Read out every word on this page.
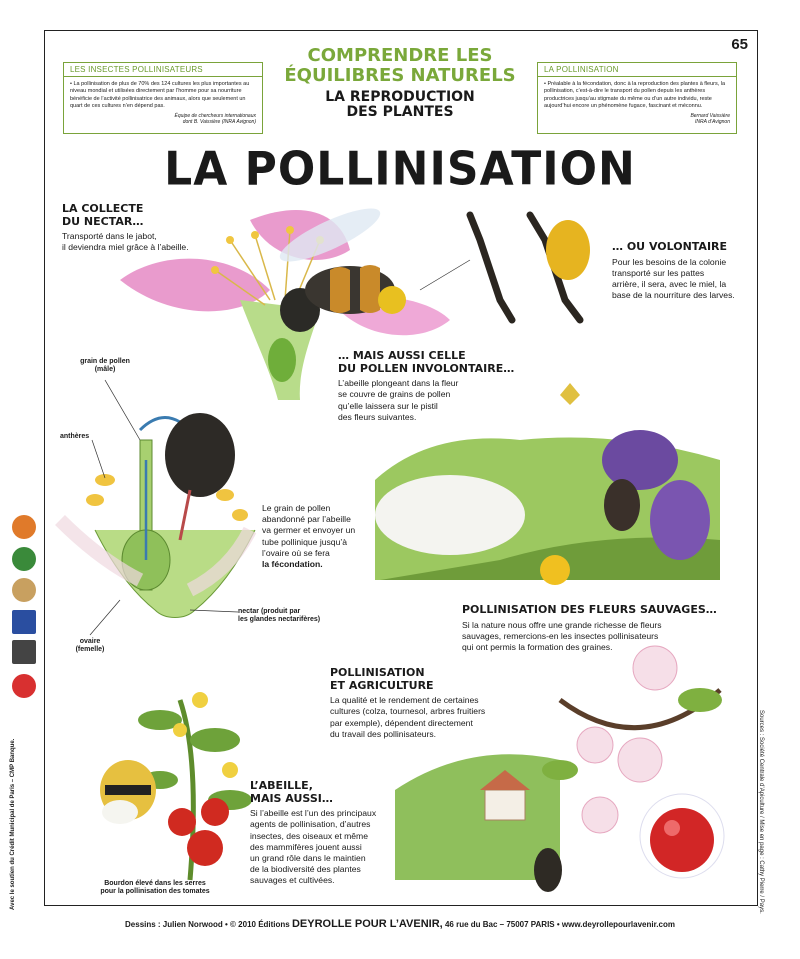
65
LES INSECTES POLLINISATEURS
• La pollinisation de plus de 70% des 124 cultures les plus importantes au niveau mondial et utilisées directement par l’homme pour sa nourriture bénéficie de l’activité pollinisatrice des animaux, alors que seulement un quart de ces cultures n’en dépend pas.
Équipe de chercheurs internationaux
dont B. Vaissière (INRA Avignon)
LA POLLINISATION
• Préalable à la fécondation, donc à la reproduction des plantes à fleurs, la pollinisation, c’est-à-dire le transport du pollen depuis les anthères productrices jusqu’au stigmate du même ou d’un autre individu, reste aujourd’hui encore un phénomène fugace, fascinant et méconnu.
Bernard Vaissière
INRA d’Avignon
COMPRENDRE LES
ÉQUILIBRES NATURELS
LA REPRODUCTION
DES PLANTES
LA POLLINISATION
LA COLLECTE
DU NECTAR…
Transporté dans le jabot,
il deviendra miel grâce à l’abeille.	… OU VOLONTAIRE
Pour les besoins de la colonie
transporté sur les pattes
arrière, il sera, avec le miel, la
base de la nourriture des larves.
… MAIS AUSSI CELLE
DU POLLEN INVOLONTAIRE…
L’abeille plongeant dans la fleur
se couvre de grains de pollen
qu’elle laissera sur le pistil
des fleurs suivantes.
Le grain de pollen
abandonné par l’abeille
va germer et envoyer un
tube pollinique jusqu’à
l’ovaire où se fera
la fécondation.
POLLINISATION DES FLEURS SAUVAGES…
Si la nature nous offre une grande richesse de fleurs
sauvages, remercions-en les insectes pollinisateurs
qui ont permis la formation des graines.
POLLINISATION
ET AGRICULTURE
La qualité et le rendement de certaines
cultures (colza, tournesol, arbres fruitiers
par exemple), dépendent directement
du travail des pollinisateurs.
L’ABEILLE,
MAIS AUSSI…
Si l’abeille est l’un des principaux
agents de pollinisation, d’autres
insectes, des oiseaux et même
des mammifères jouent aussi
un grand rôle dans le maintien
de la biodiversité des plantes
sauvages et cultivées.
grain de pollen
(mâle)
anthères
nectar (produit par
les glandes nectarifères)
ovaire
(femelle)
Bourdon élevé dans les serres
pour la pollinisation des tomates
Avec le soutien du Crédit Municipal de Paris – CMP Banque.	Sources : Société Centrale d’Apiculture / Mise en page : Cathy Pierre / Pays.
Dessins : Julien Norwood • © 2010 Éditions DEYROLLE POUR L’AVENIR, 46 rue du Bac – 75007 PARIS • www.deyrollepourlavenir.com
